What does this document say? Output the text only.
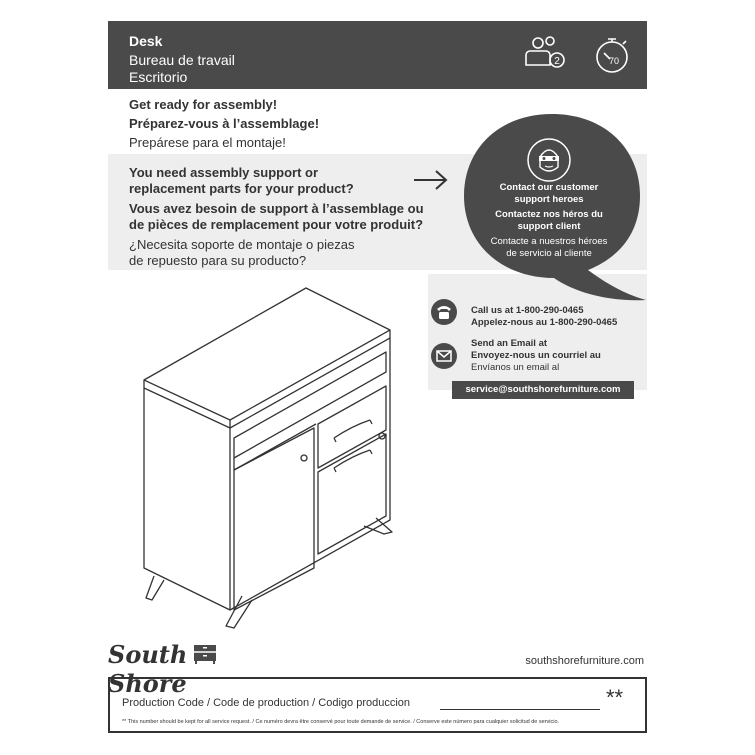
Desk
Bureau de travail
Escritorio
2	70
Get ready for assembly!
Préparez-vous à l’assemblage!
Prepárese para el montaje!
You need assembly support or
replacement parts for your product?
Vous avez besoin de support à l’assemblage ou
de pièces de remplacement pour votre produit?
¿Necesita soporte de montaje o piezas
de repuesto para su producto?
Contact our customer
support heroes
Contactez nos héros du
support client
Contacte a nuestros héroes
de servicio al cliente
Call us at 1-800-290-0465
Appelez-nous au 1-800-290-0465
Send an Email at
Envoyez-nous un courriel au
Envíanos un email al
service@southshorefurniture.com
South  Shore
southshorefurniture.com
Production Code / Code de production / Codigo produccion	**
** This number should be kept for all service request. / Ce numéro devra être conservé pour toute demande de service. / Conserve este número para cualquier solicitud de servicio.
